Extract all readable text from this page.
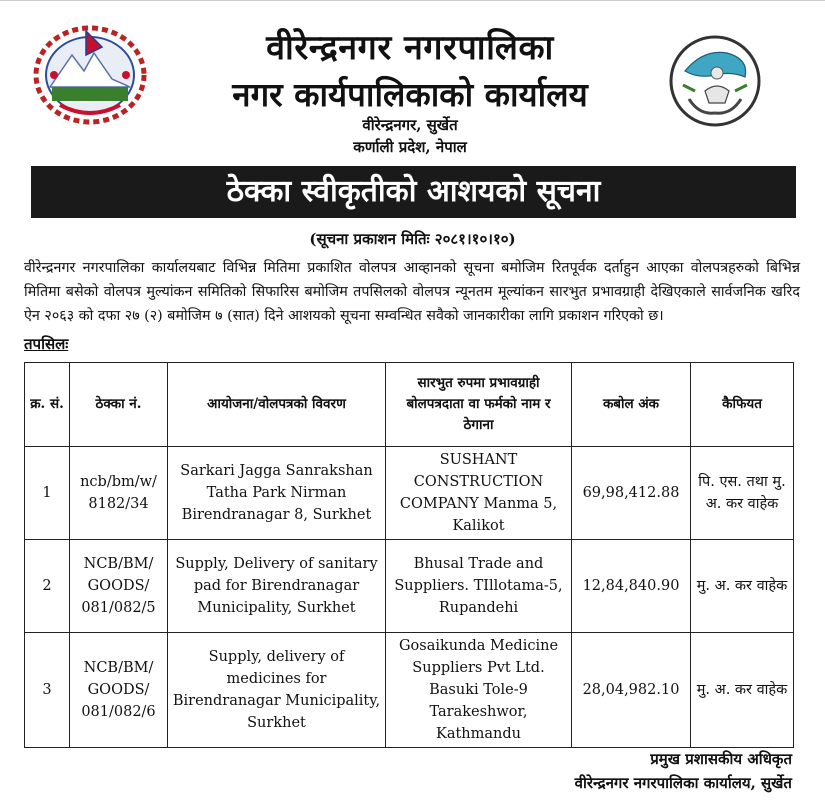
वीरेन्द्रनगर नगरपालिका
नगर कार्यपालिकाको कार्यालय
वीरेन्द्रनगर, सुर्खेत
कर्णाली प्रदेश, नेपाल
ठेक्का स्वीकृतीको आशयको सूचना
(सूचना प्रकाशन मितिः २०८१।१०।१०)
वीरेन्द्रनगर नगरपालिका कार्यालयबाट विभिन्न मितिमा प्रकाशित वोलपत्र आव्हानको सूचना बमोजिम रितपूर्वक दर्ताहुन आएका वोलपत्रहरुको बिभिन्न मितिमा बसेको वोलपत्र मुल्यांकन समितिको सिफारिस बमोजिम तपसिलको वोलपत्र न्यूनतम मूल्यांकन सारभुत प्रभावग्राही देखिएकाले सार्वजनिक खरिद ऐन २०६३ को दफा २७ (२) बमोजिम ७ (सात) दिने आशयको सूचना सम्वन्धित सवैको जानकारीका लागि प्रकाशन गरिएको छ।
तपसिलः
क्र. सं.	ठेक्का नं.	आयोजना/वोलपत्रको विवरण	सारभुत रुपमा प्रभावग्राही बोलपत्रदाता वा फर्मको नाम र ठेगाना	कबोल अंक	कैफियत
1	ncb/bm/w/ 8182/34	Sarkari Jagga Sanrakshan Tatha Park Nirman Birendranagar 8, Surkhet	SUSHANT CONSTRUCTION COMPANY Manma 5, Kalikot	69,98,412.88	पि. एस. तथा मु. अ. कर वाहेक
2	NCB/BM/ GOODS/ 081/082/5	Supply, Delivery of sanitary pad for Birendranagar Municipality, Surkhet	Bhusal Trade and Suppliers. TIllotama-5, Rupandehi	12,84,840.90	मु. अ. कर वाहेक
3	NCB/BM/ GOODS/ 081/082/6	Supply, delivery of medicines for Birendranagar Municipality, Surkhet	Gosaikunda Medicine Suppliers Pvt Ltd. Basuki Tole-9 Tarakeshwor, Kathmandu	28,04,982.10	मु. अ. कर वाहेक
प्रमुख प्रशासकीय अधिकृत
वीरेन्द्रनगर नगरपालिका कार्यालय, सुर्खेत
